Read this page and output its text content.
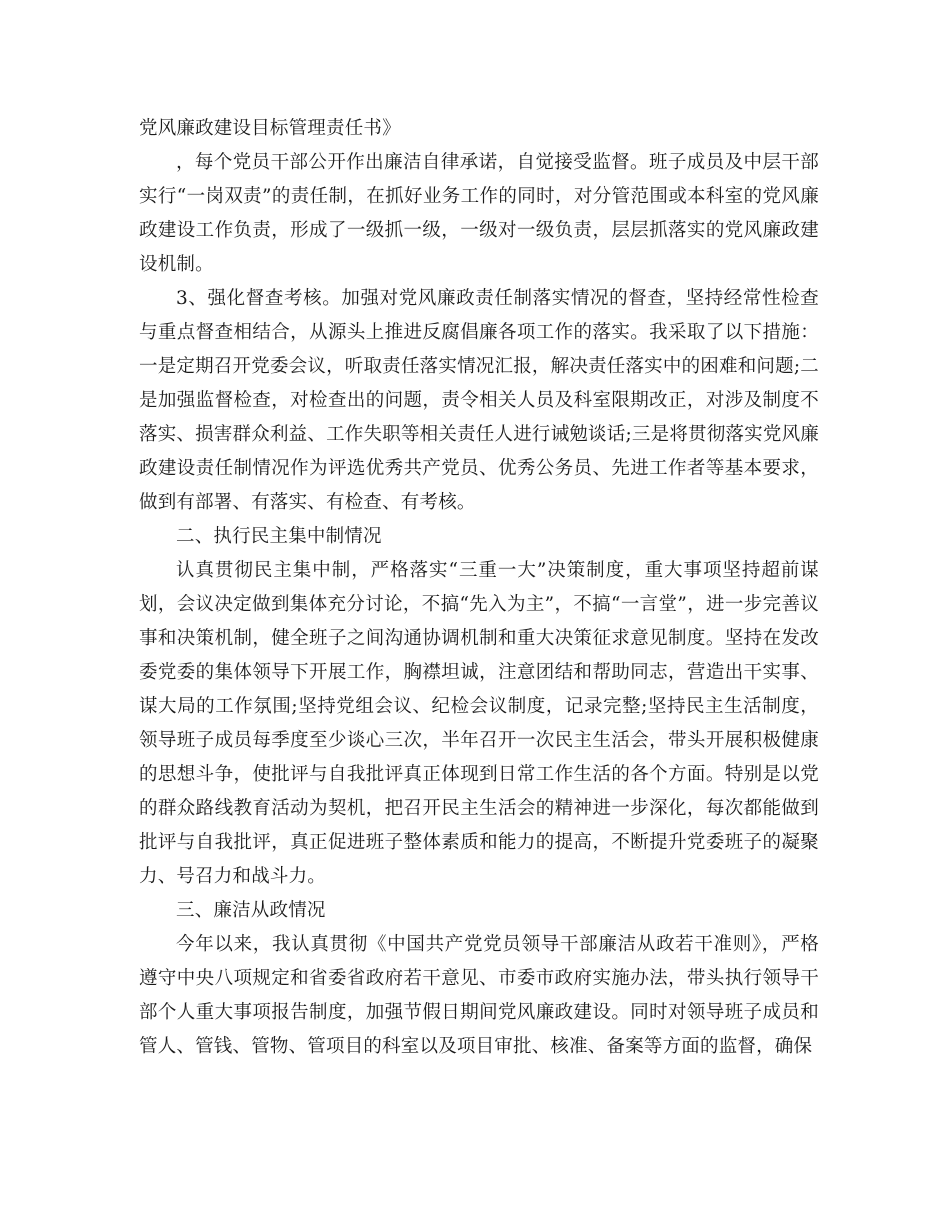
党风廉政建设目标管理责任书》

，每个党员干部公开作出廉洁自律承诺，自觉接受监督。班子成员及中层干部实行“一岗双责”的责任制，在抓好业务工作的同时，对分管范围或本科室的党风廉政建设工作负责，形成了一级抓一级，一级对一级负责，层层抓落实的党风廉政建设机制。

3、强化督查考核。加强对党风廉政责任制落实情况的督查，坚持经常性检查与重点督查相结合，从源头上推进反腐倡廉各项工作的落实。我采取了以下措施：一是定期召开党委会议，听取责任落实情况汇报，解决责任落实中的困难和问题;二是加强监督检查，对检查出的问题，责令相关人员及科室限期改正，对涉及制度不落实、损害群众利益、工作失职等相关责任人进行诫勉谈话;三是将贯彻落实党风廉政建设责任制情况作为评选优秀共产党员、优秀公务员、先进工作者等基本要求，做到有部署、有落实、有检查、有考核。

二、执行民主集中制情况

认真贯彻民主集中制，严格落实“三重一大”决策制度，重大事项坚持超前谋划，会议决定做到集体充分讨论，不搞“先入为主”，不搞“一言堂”，进一步完善议事和决策机制，健全班子之间沟通协调机制和重大决策征求意见制度。坚持在发改委党委的集体领导下开展工作，胸襟坦诚，注意团结和帮助同志，营造出干实事、谋大局的工作氛围;坚持党组会议、纪检会议制度，记录完整;坚持民主生活制度，领导班子成员每季度至少谈心三次，半年召开一次民主生活会，带头开展积极健康的思想斗争，使批评与自我批评真正体现到日常工作生活的各个方面。特别是以党的群众路线教育活动为契机，把召开民主生活会的精神进一步深化，每次都能做到批评与自我批评，真正促进班子整体素质和能力的提高，不断提升党委班子的凝聚力、号召力和战斗力。

三、廉洁从政情况

今年以来，我认真贯彻《中国共产党党员领导干部廉洁从政若干准则》，严格遵守中央八项规定和省委省政府若干意见、市委市政府实施办法，带头执行领导干部个人重大事项报告制度，加强节假日期间党风廉政建设。同时对领导班子成员和管人、管钱、管物、管项目的科室以及项目审批、核准、备案等方面的监督，确保
